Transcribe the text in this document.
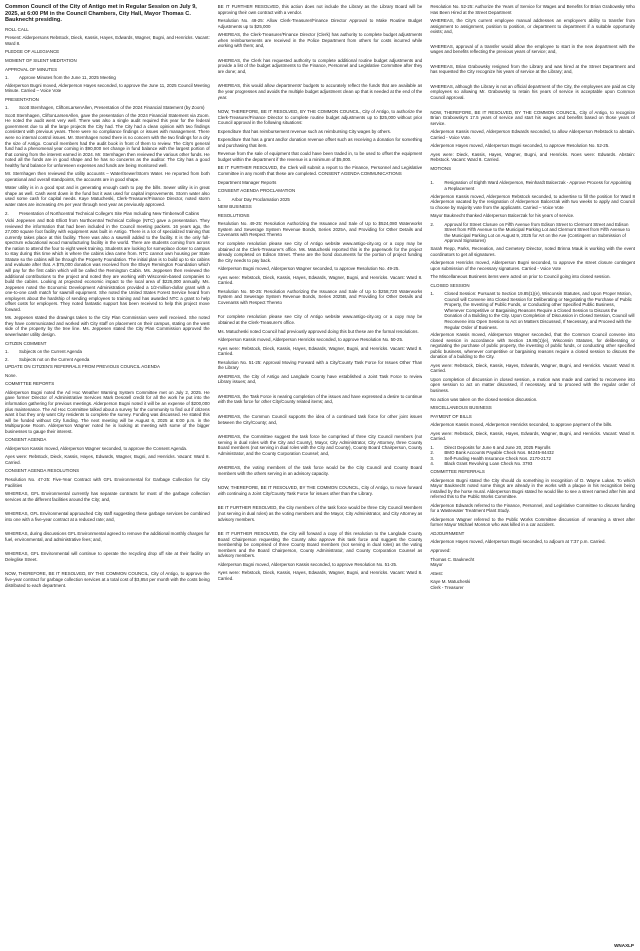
Common Council of the City of Antigo met in Regular Session on July 9, 2025, at 6:00 PM in the Council Chambers, City Hall, Mayor Thomas C. Bauknecht presiding.

ROLL CALL

Present: Alderpersons Rebstock, Dieck, Kassis, Hayes, Edwards, Wagner, Bugni, and Henricks. Vacant: Ward 8.

PLEDGE OF ALLEGIANCE

MOMENT OF SILENT MEDITATION

APPROVAL OF MINUTES

1.	Approve Minutes from the June 11, 2025 Meeting

Alderperson Bugni moved, Alderperson Hayes seconded, to approve the June 11, 2025 Council Meeting Minute. Carried – Voice Vote

PRESENTATION

1.	Scott Sternhagen, CliftonLarsenAllen, Presentation of the 2024 Financial Statement (by Zoom)

Scott Sternhagen, CliftonLarsenAllen, gave the presentation of the 2024 Financial Statement via Zoom. He noted the audit went very well. There was also a single audit required this year for the federal government due to all the large projects the City had. The City had a clean opinion with two findings consistent with previous years. There were no compliance findings or issues with management. There were no internal control issues. Mr. Sternhagen noted there is no concern with the two findings for a city the size of Antigo. Council members had the audit book in front of them to review. The City's general fund had a phenomenal year coming in $90,000 net change in fund balance with the largest portion of that coming from the interest earned in 2024. Mr. Sternhagen then reviewed the various other funds. He noted all the funds are in good shape and he has no concerns as the auditor. The City has a good healthy fund balance for unforeseen expenses and funds are being monitored well.

Mr. Sternhagen then reviewed the utility accounts – Water/Sewer/Storm Water. He reported from both operational and overall standpoints, the accounts are in good shape.

Water utility is in a good spot and is generating enough cash to pay the bills. Sewer utility is in great shape as well. Cash went down in the fund but it was used for capital improvements. Storm water also used some cash for capital needs. Kaye Matucheski, Clerk-Treasurer/Finance Director, noted storm water rates are increasing 4% per year through next year as previously approved.

2.	Presentation of Northcentral Technical College's Site Plan Including New Timberwolf Cabins

Vicki Jeppesen and Bob Elliott from Northcentral Technical College (NTC) gave a presentation. They reviewed the information that had been included in the Council meeting packets. 16 years ago, the 27,000 square foot facility with equipment was built in Antigo. There is a lot of specialized training that currently takes place at this facility. There was also a sawmill added to the facility. It is the only full-spectrum educational wood manufacturing facility in the world. There are students coming from across the nation to attend the four to eight week training. Students are looking for someplace closer to campus to stay during this time which is where the cabins idea came from. NTC cannot own housing per State Statute so the cabins will be through the Property Foundation. The initial plan is to build up to six cabins and evaluate after that. A $75,000 donation was received from the Elwyn Remington Foundation which will pay for the first cabin which will be called the Remington Cabin. Ms. Jeppesen then reviewed the additional contributions to the project and noted they are working with Wisconsin-based companies to build the cabins. Looking at projected economic impact to the local area of $225,000 annually. Ms. Jeppesen noted the Economic Development Administration provided a 1/2-million-dollar grant with a one-to-one cash match for sawmill equipment. She noted the United States Forest Service heard from employers about the hardship of sending employees to training and has awarded NTC a grant to help offset costs for employers. They noted fantastic support has been received to help this project move forward.

Ms. Jeppesen stated the drawings taken to the City Plan Commission were well received. She noted they have communicated and worked with City staff on placement on their campus, stating on the west side of the property by the tree line. Ms. Jeppesen stated the City Plan Commission approved the sewer/water utility design.

CITIZEN COMMENT

1.	Subjects on the Current Agenda
2.	Subjects not on the Current Agenda

UPDATE ON CITIZEN'S REFERRALS FROM PREVIOUS COUNCIL AGENDA

None.

COMMITTEE REPORTS

Alderperson Bugni noted the Ad Hoc Weather Warning System Committee met on July 2, 2025. He gave former Director of Administrative Services Mark Desotell credit for all the work he put into the information gathering for previous meetings. Alderperson Bugni noted it will be an expense of $200,000 plus maintenance. The Ad Hoc Committee talked about a survey for the community to find out if citizens want it but they only want City residents to complete the survey. Funding was discussed. He stated this will be funded without City funding. The next meeting will be August 6, 2025 at 6:00 p.m. in the Multipurpose Room. Alderperson Wagner noted he is looking at meeting with some of the bigger businesses to gauge their interest.

CONSENT AGENDA

Alderperson Kassis moved, Alderperson Wagner seconded, to approve the Consent Agenda.

Ayes were: Rebstock, Dieck, Kassis, Hayes, Edwards, Wagner, Bugni, and Henricks. Vacant: Ward 8. Carried.

CONSENT AGENDA RESOLUTIONS

Resolution No. 47-25: Five-Year Contract with GFL Environmental for Garbage Collection for City Facilities

WHEREAS, GFL Environmental currently has separate contracts for most of the garbage collection services at the different facilities around the City; and,

WHEREAS, GFL Environmental approached City staff suggesting these garbage services be combined into one with a five-year contract at a reduced rate; and,

WHEREAS, during discussions GFL Environmental agreed to remove the additional monthly charges for fuel, environmental, and administrative fees; and,

WHEREAS, GFL Environmental will continue to operate the recycling drop off site at their facility on Deleglise Street.

NOW, THEREFORE, BE IT RESOLVED, BY THE COMMON COUNCIL, City of Antigo, to approve the five-year contract for garbage collection services at a total cost of $3,854 per month with the costs being distributed to each department.

BE IT FURTHER RESOLVED, this action does not include the Library as the Library Board will be approving their own contract with a vendor.

Resolution No. 48-25: Allow Clerk-Treasurer/Finance Director Approval to Make Routine Budget Adjustments up to $25,000

WHEREAS, the Clerk-Treasurer/Finance Director (Clerk) has authority to complete budget adjustments when reimbursements are received in the Police Department from others for costs incurred while working with them; and,

WHEREAS, the Clerk has requested authority to complete additional routine budget adjustments and provide a list of the budget adjustments to the Finance, Personnel and Legislative Committee after they are done; and,

WHEREAS, this would allow departments' budgets to accurately reflect the funds that are available as the year progresses and avoids the multiple budget adjustment clean up that is needed at the end of the year.

NOW, THEREFORE, BE IT RESOLVED, BY THE COMMON COUNCIL, City of Antigo, to authorize the Clerk-Treasurer/Finance Director to complete routine budget adjustments up to $25,000 without prior Council approval in the following situations:

Expenditure that has reimbursement revenue such as reimbursing City wages by others.

Expenditure that has a grant and/or donation revenue offset such as receiving a donation for something and purchasing that item.

Revenue from the sale of equipment that could have been traded in, to be used to offset the equipment budget within the department if the revenue is a minimum of $5,000.

BE IT FURTHER RESOLVED, the Clerk will submit a report to the Finance, Personnel and Legislative Committee in any month that these are completed. CONSENT AGENDA COMMUNICATIONS

Department Manager Reports

CONSENT AGENDA PROCLAMATION

1.	Arbor Day Proclamation 2025

NEW BUSINESS

RESOLUTIONS

Resolution No. 49-25: Resolution Authorizing the Issuance and Sale of Up to $524,080 Waterworks System and Sewerage System Revenue Bonds, Series 2025A, and Providing for Other Details and Covenants with Respect Thereto

For complete resolution please see City of Antigo website www.antigo-city.org or a copy may be obtained at the Clerk-Treasurer's office. Ms. Matucheski reported this is the paperwork for the project already completed on Edison Street. These are the bond documents for the portion of project funding the City needs to pay back.

Alderperson Bugni moved, Alderperson Wagner seconded, to approve Resolution No. 49-25.

Ayes were: Rebstock, Dieck, Kassis, Hayes, Edwards, Wagner, Bugni, and Henricks. Vacant: Ward 8. Carried.

Resolution No. 50-25: Resolution Authorizing the Issuance and Sale of Up to $258,720 Waterworks System and Sewerage System Revenue Bonds, Series 2025B, and Providing for Other Details and Covenants with Respect Thereto

For complete resolution please see City of Antigo website www.antigo-city.org or a copy may be obtained at the Clerk-Treasurer's office.

Ms. Matucheski noted Council had previously approved doing this but these are the formal resolutions.

Alderperson Kassis moved, Alderperson Henricks seconded, to approve Resolution No. 50-25.

Ayes were: Rebstock, Dieck, Kassis, Hayes, Edwards, Wagner, Bugni, and Henricks. Vacant: Ward 8. Carried.

Resolution No. 51-25: Approval Moving Forward with a City/County Task Force for Issues Other Than the Library

WHEREAS, the City of Antigo and Langlade County have established a Joint Task Force to review Library issues; and,

WHEREAS, the Task Force is nearing completion of the issues and have expressed a desire to continue with the task force for other City/County related items; and,

WHEREAS, the Common Council supports the idea of a continued task force for other joint issues between the City/County; and,

WHEREAS, the Committee suggest the task force be comprised of three City Council members (not serving in dual roles with the City and County), Mayor, City Administrator, City Attorney, three County Board members (not serving in dual roles with the City and County), County Board Chairperson, County Administrator, and the County Corporation Counsel; and,

WHEREAS, the voting members of the task force would be the City Council and County Board members with the others serving in an advisory capacity.

NOW, THEREFORE, BE IT RESOLVED, BY THE COMMON COUNCIL, City of Antigo, to move forward with continuing a Joint City/County Task Force for issues other than the Library.

BE IT FURTHER RESOLVED, the City members of the task force would be three City Council Members (not serving in dual roles) as the voting members and the Mayor, City Administrator, and City Attorney as advisory members.

BE IT FURTHER RESOLVED, the City will forward a copy of this resolution to the Langlade County Board Chairperson requesting the County also approve this task force and suggest the County membership be comprised of three County Board members (not serving in dual roles) as the voting members and the Board Chairperson, County Administrator, and County Corporation Counsel as advisory members.

Alderperson Bugni moved, Alderperson Kassis seconded, to approve Resolution No. 51-25.

Ayes were: Rebstock, Dieck, Kassis, Hayes, Edwards, Wagner, Bugni, and Henricks. Vacant: Ward 8. Carried.

Resolution No. 52-25: Authorize the Years of Service for Wages and Benefits for Brian Grabowsky Who Has Been Hired at the Street Department

WHEREAS, the City's current employee manual addresses an employee's ability to transfer from assignment to assignment, position to position, or department to department if a suitable opportunity exists; and,

WHEREAS, approval of a transfer would allow the employee to start in the new department with the wages and benefits reflecting the previous years of service; and,

WHEREAS, Brian Grabowsky resigned from the Library and was hired at the Street Department and has requested the City recognize his years of service at the Library; and,

WHEREAS, although the Library is not an official department of the City, the employees are paid as City employees so allowing Mr. Grabowsky to retain his years of service is acceptable upon Common Council approval.

NOW, THEREFORE, BE IT RESOLVED, BY THE COMMON COUNCIL, City of Antigo, to recognize Brian Grabowsky's 17.5 years of service and start his wages and benefits based on those years of service.

Alderperson Kassis moved, Alderperson Edwards seconded, to allow Alderperson Rebstock to abstain. Carried - Voice Vote.

Alderperson Hayes moved, Alderperson Bugni seconded, to approve Resolution No. 52-25.

Ayes were: Dieck, Kassis, Hayes, Wagner, Bugni, and Henricks. Noes were: Edwards. Abstain: Rebstock. Vacant: Ward 8. Carried.

MOTIONS

1.	Resignation of Eighth Ward Alderperson, Reinhardt Balcerzak - Approve Process for Appointing a Replacement

Alderperson Kassis moved, Alderperson Rebstock seconded, to advertise to fill the position for Ward 8 Alderperson vacated by the resignation of Alderperson Balcerzak with two weeks to apply and Council to choose by majority vote from the applicants. Carried – Voice Vote

Mayor Bauknecht thanked Alderperson Balcerzak for his years of service.

2.	Approval for Street Closure on Fifth Avenue from Edison Street to Clermont Street and Edison Street from Fifth Avenue to the Municipal Parking Lot and Clermont Street from Fifth Avenue to the Municipal Parking Lot on August 9, 2025 for Art on the Ave (Contingent on Submission of Approval Signatures)

Sarah Repp, Parks, Recreation, and Cemetery Director, noted Brinna Mauk is working with the event coordinators to get all signatures.

Alderperson Henricks moved, Alderperson Bugni seconded, to approve the street closure contingent upon submission of the necessary signatures. Carried - Voice Vote

The Miscellaneous Business items were acted on prior to Council going into closed session.

CLOSED SESSION

1.	Closed Session: Pursuant to Section 19.85(1)(e), Wisconsin Statutes, and Upon Proper Motion, Council will Convene into Closed Session for Deliberating or Negotiating the Purchase of Public Property, the Investing of Public Funds, or Conducting other Specified Public Business, Whenever Competitive or Bargaining Reasons Require a Closed Session to Discuss the Donation of a Building to the City. Upon Completion of Discussion in Closed Session, Council will Reconvene into Open Session to Act on Matters Discussed, If Necessary, and Proceed with the Regular Order of Business.

Alderperson Kassis moved, Alderperson Wagner seconded, that the Common Council convene into closed session in accordance with Section 19.85(1)(e), Wisconsin Statutes, for deliberating or negotiating the purchase of public property, the investing of public funds, or conducting other specified public business, whenever competitive or bargaining reasons require a closed session to discuss the donation of a building to the City.

Ayes were: Rebstock, Dieck, Kassis, Hayes, Edwards, Wagner, Bugni, and Henricks. Vacant: Ward 8. Carried.

Upon completion of discussion in closed session, a motion was made and carried to reconvene into open session to act on matter discussed, if necessary, and to proceed with the regular order of business.

No action was taken on the closed session discussion.

MISCELLANEOUS BUSINESS

PAYMENT OF BILLS

Alderperson Kassis moved, Alderperson Henricks seconded, to approve payment of the bills.

Ayes were: Rebstock, Dieck, Kassis, Hayes, Edwards, Wagner, Bugni, and Henricks. Vacant: Ward 8. Carried.

1.	Direct Deposits for June 6 and June 20, 2025 Payrolls
2.	BMO Bank Accounts Payable Check Nos. 84245-84432
3.	Self-Funding Health Insurance Check Nos. 2170-2172
4.	Black Grant Revolving Loan Check No. 3793

COMMITTEE REFERRALS

Alderperson Bugni stated the City should do something in recognition of D. Wayne Lukas. To which Mayor Bauknecht noted some things are already in the works with a plaque in his recognition being installed by the horse mural. Alderperson Bugni stated he would like to see a street named after him and referred this to the Public Works Committee.

Alderperson Edwards referred to the Finance, Personnel, and Legislative Committee to discuss funding for a Wastewater Treatment Plant Study.

Alderperson Wagner referred to the Public Works Committee discussion of renaming a street after former Mayor Michael Monson who was killed in a car accident.

ADJOURNMENT

Alderperson Hayes moved, Alderperson Bugni seconded, to adjourn at 7:37 p.m. Carried.

Approved:

Thomas C. Bauknecht

Mayor

Attest:

Kaye M. Matucheski

Clerk - Treasurer

WNAXLP
